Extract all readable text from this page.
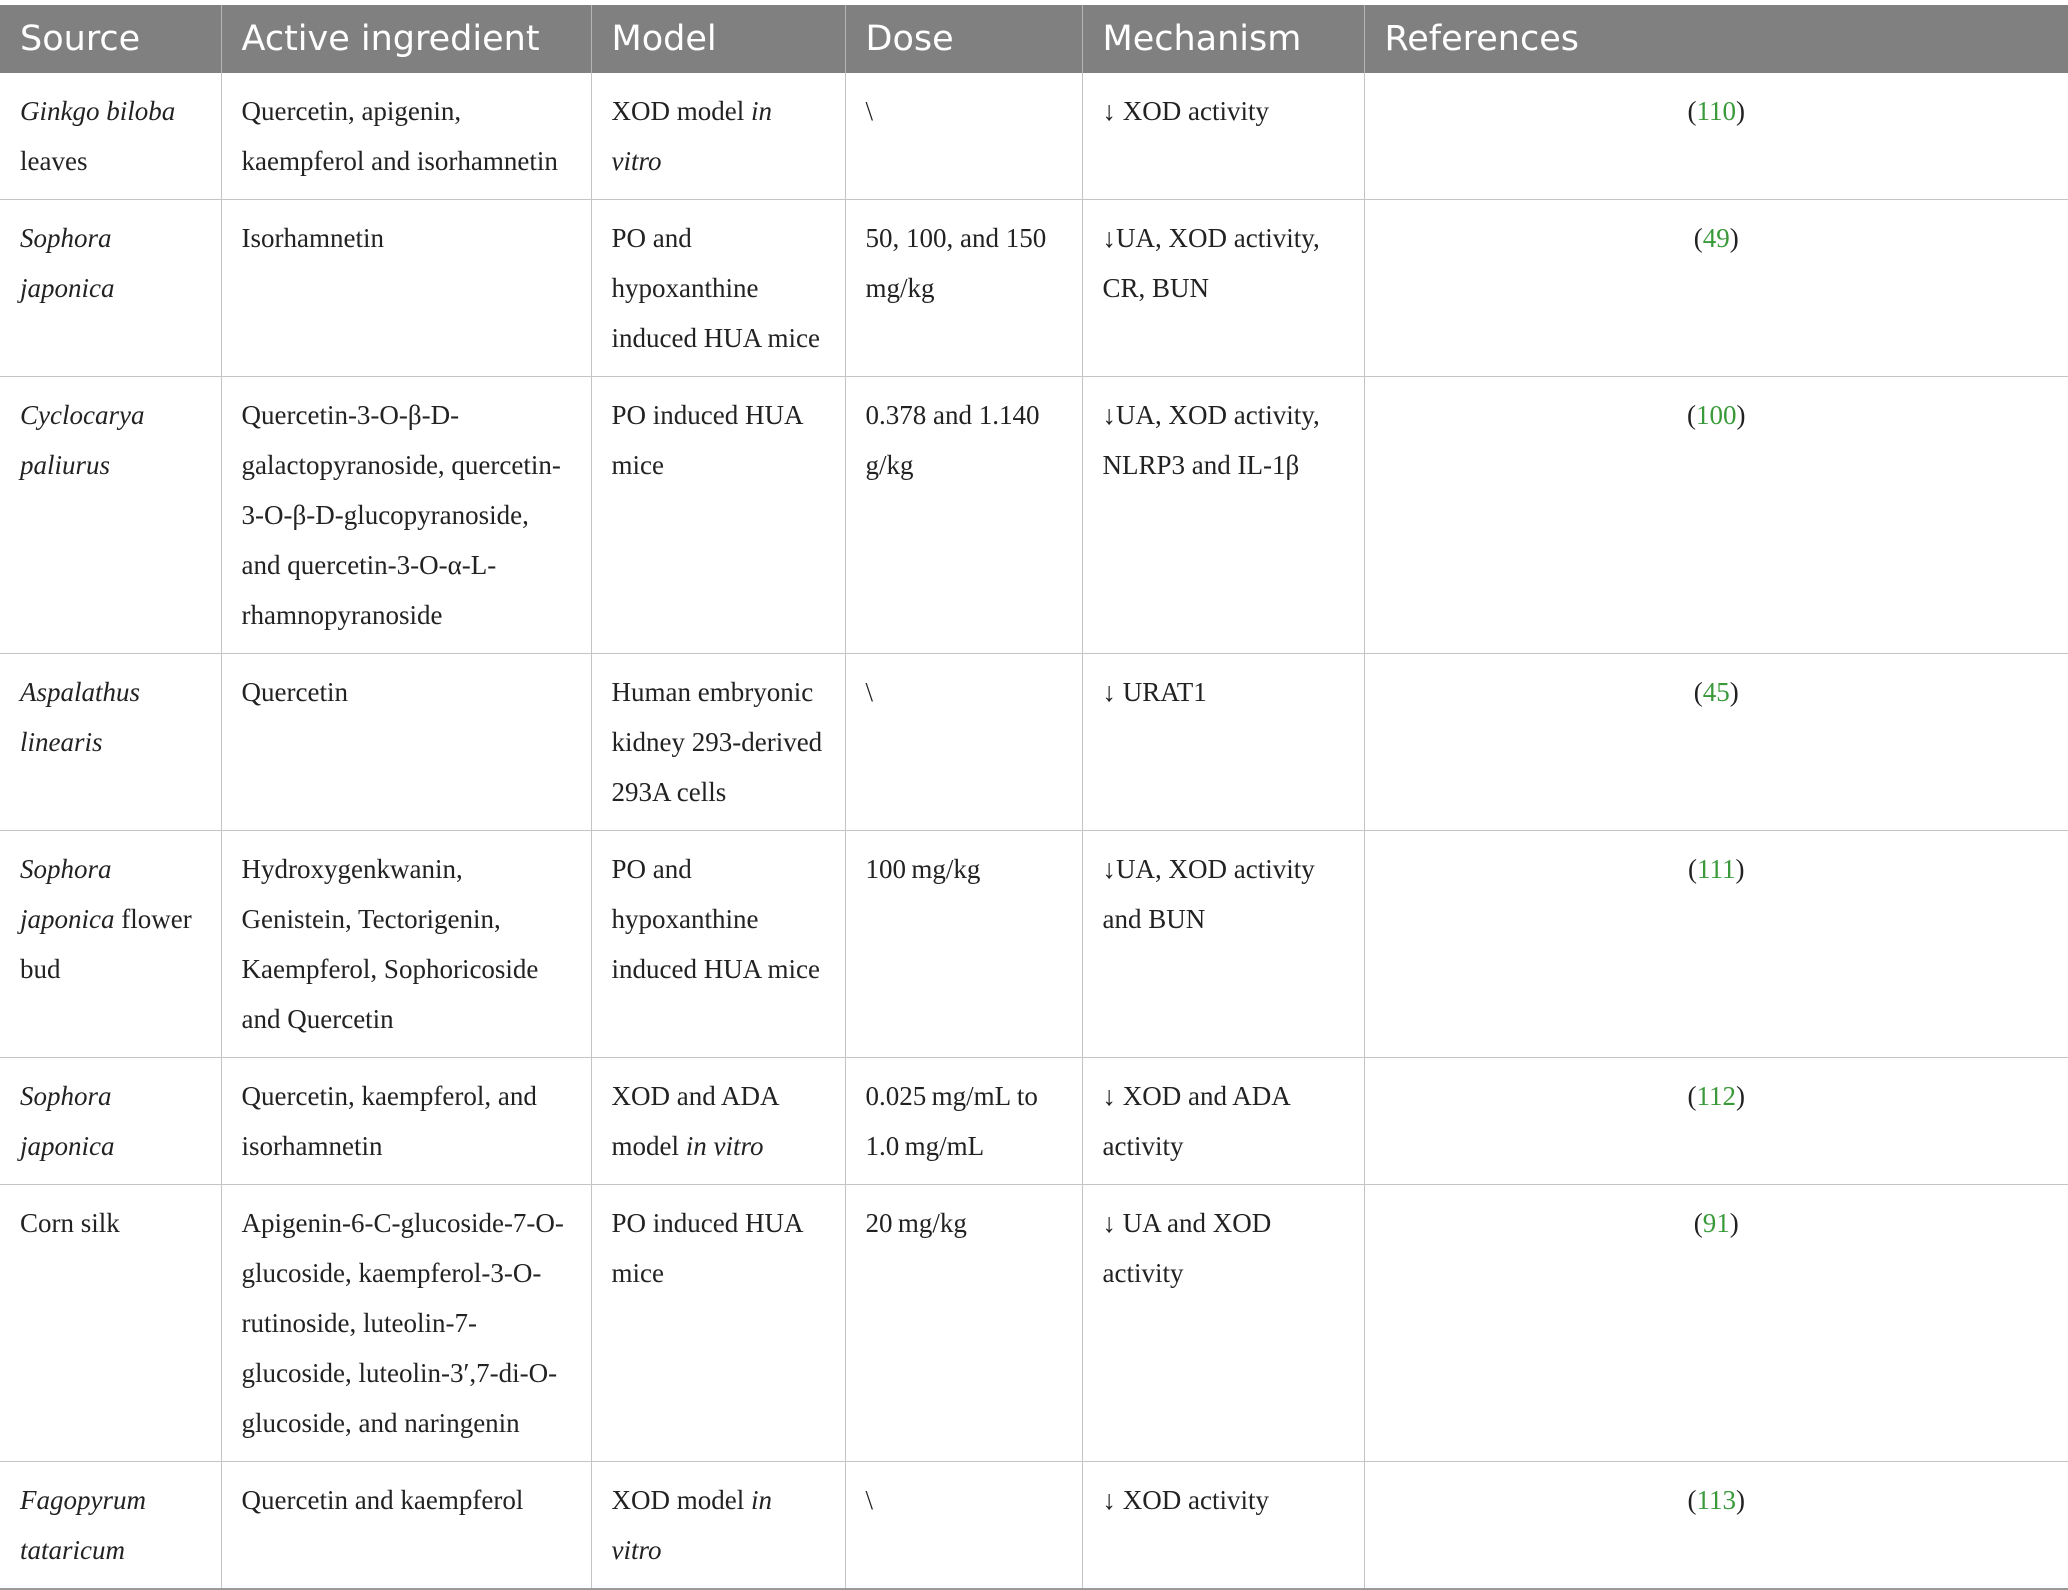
Source	Active ingredient	Model	Dose	Mechanism	References
Ginkgo biloba leaves	Quercetin, apigenin, kaempferol and isorhamnetin	XOD model in vitro	\	↓ XOD activity	(110)
Sophora japonica	Isorhamnetin	PO and hypoxanthine induced HUA mice	50, 100, and 150 mg/kg	↓UA, XOD activity, CR, BUN	(49)
Cyclocarya paliurus	Quercetin-3-O-β-D-galactopyranoside, quercetin-3-O-β-D-glucopyranoside, and quercetin-3-O-α-L-rhamnopyranoside	PO induced HUA mice	0.378 and 1.140 g/kg	↓UA, XOD activity, NLRP3 and IL-1β	(100)
Aspalathus linearis	Quercetin	Human embryonic kidney 293-derived 293A cells	\	↓ URAT1	(45)
Sophora japonica flower bud	Hydroxygenkwanin, Genistein, Tectorigenin, Kaempferol, Sophoricoside and Quercetin	PO and hypoxanthine induced HUA mice	100 mg/kg	↓UA, XOD activity and BUN	(111)
Sophora japonica	Quercetin, kaempferol, and isorhamnetin	XOD and ADA model in vitro	0.025 mg/mL to 1.0 mg/mL	↓ XOD and ADA activity	(112)
Corn silk	Apigenin-6-C-glucoside-7-O-glucoside, kaempferol-3-O-rutinoside, luteolin-7-glucoside, luteolin-3′,7-di-O-glucoside, and naringenin	PO induced HUA mice	20 mg/kg	↓ UA and XOD activity	(91)
Fagopyrum tataricum	Quercetin and kaempferol	XOD model in vitro	\	↓ XOD activity	(113)
